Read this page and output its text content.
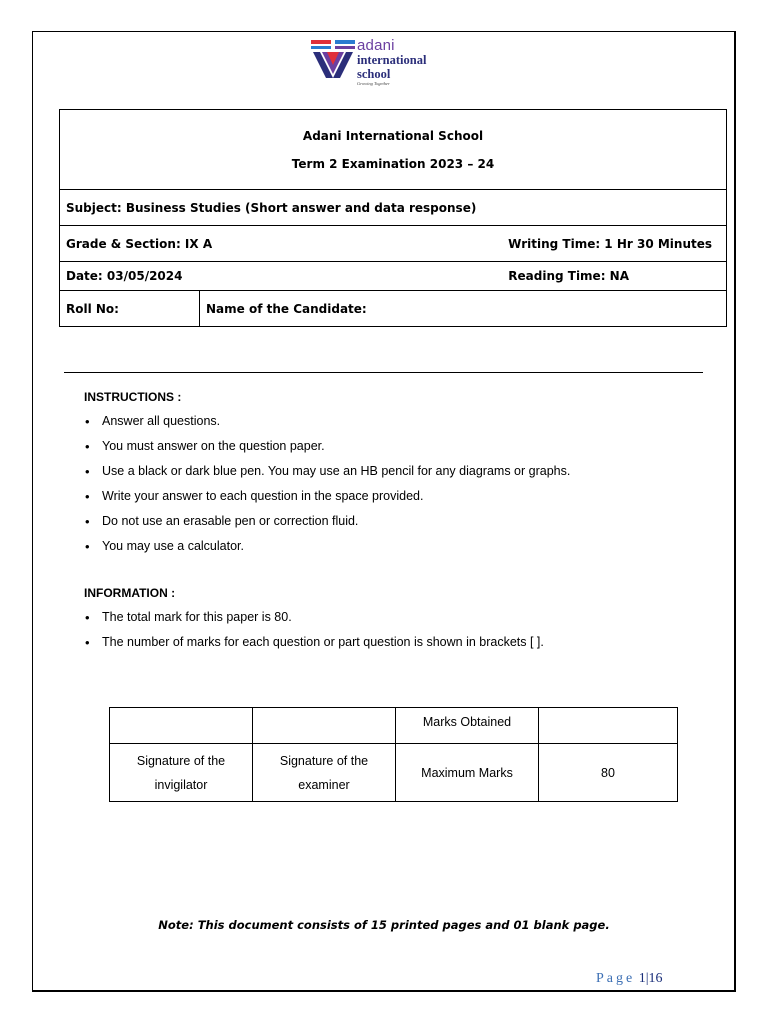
adani
international
school
Growing Together
Adani International School
Term 2 Examination 2023 – 24

Subject: Business Studies (Short answer and data response)
Grade & Section: IX A	Writing Time: 1 Hr 30 Minutes

Date: 03/05/2024	Reading Time: NA

Roll No:	Name of the Candidate:
INSTRUCTIONS :
• Answer all questions.
• You must answer on the question paper.
• Use a black or dark blue pen. You may use an HB pencil for any diagrams or graphs.
• Write your answer to each question in the space provided.
• Do not use an erasable pen or correction fluid.
• You may use a calculator.
INFORMATION :
• The total mark for this paper is 80.
• The number of marks for each question or part question is shown in brackets [ ].
		Marks Obtained	
Signature of the invigilator	Signature of the examiner	Maximum Marks	80
Note: This document consists of 15 printed pages and 01 blank page.
Page 1|16
